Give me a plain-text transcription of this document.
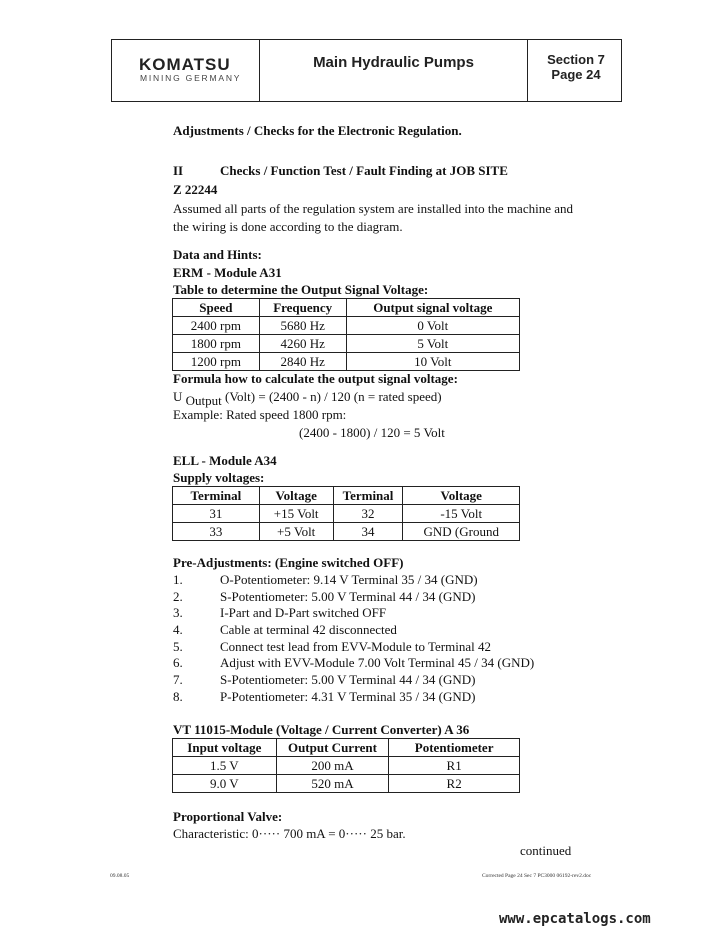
KOMATSU
MINING GERMANY
Main Hydraulic Pumps	Section 7
Page 24
Adjustments / Checks for the Electronic Regulation.
II	Checks / Function Test / Fault Finding at JOB SITE
Z 22244
Assumed all parts of the regulation system are installed into the machine and
the wiring is done according to the diagram.
Data and Hints:
ERM - Module A31
Table to determine the Output Signal Voltage:
Speed	Frequency	Output signal voltage
2400 rpm	5680 Hz	0 Volt
1800 rpm	4260 Hz	5 Volt
1200 rpm	2840 Hz	10 Volt
Formula how to calculate the output signal voltage:
U Output (Volt) = (2400 - n) / 120 (n = rated speed)
Example: Rated speed 1800 rpm:
(2400 - 1800) / 120 = 5 Volt
ELL - Module A34
Supply voltages:
Terminal	Voltage	Terminal	Voltage
31	+15 Volt	32	-15 Volt
33	+5 Volt	34	GND (Ground
Pre-Adjustments: (Engine switched OFF)
1.	O-Potentiometer: 9.14 V Terminal 35 / 34 (GND)
2.	S-Potentiometer: 5.00 V Terminal 44 / 34 (GND)
3.	I-Part and D-Part switched OFF
4.	Cable at terminal 42 disconnected
5.	Connect test lead from EVV-Module to Terminal 42
6.	Adjust with EVV-Module 7.00 Volt Terminal 45 / 34 (GND)
7.	S-Potentiometer: 5.00 V Terminal 44 / 34 (GND)
8.	P-Potentiometer: 4.31 V Terminal 35 / 34 (GND)
VT 11015-Module (Voltage / Current Converter) A 36
Input voltage	Output Current	Potentiometer
1.5 V	200 mA	R1
9.0 V	520 mA	R2
Proportional Valve:
Characteristic: 0····· 700 mA = 0····· 25 bar.
continued
09.08.05	Corrected Page 24 Sec 7 PC3000 06192-rev2.doc
www.epcatalogs.com
